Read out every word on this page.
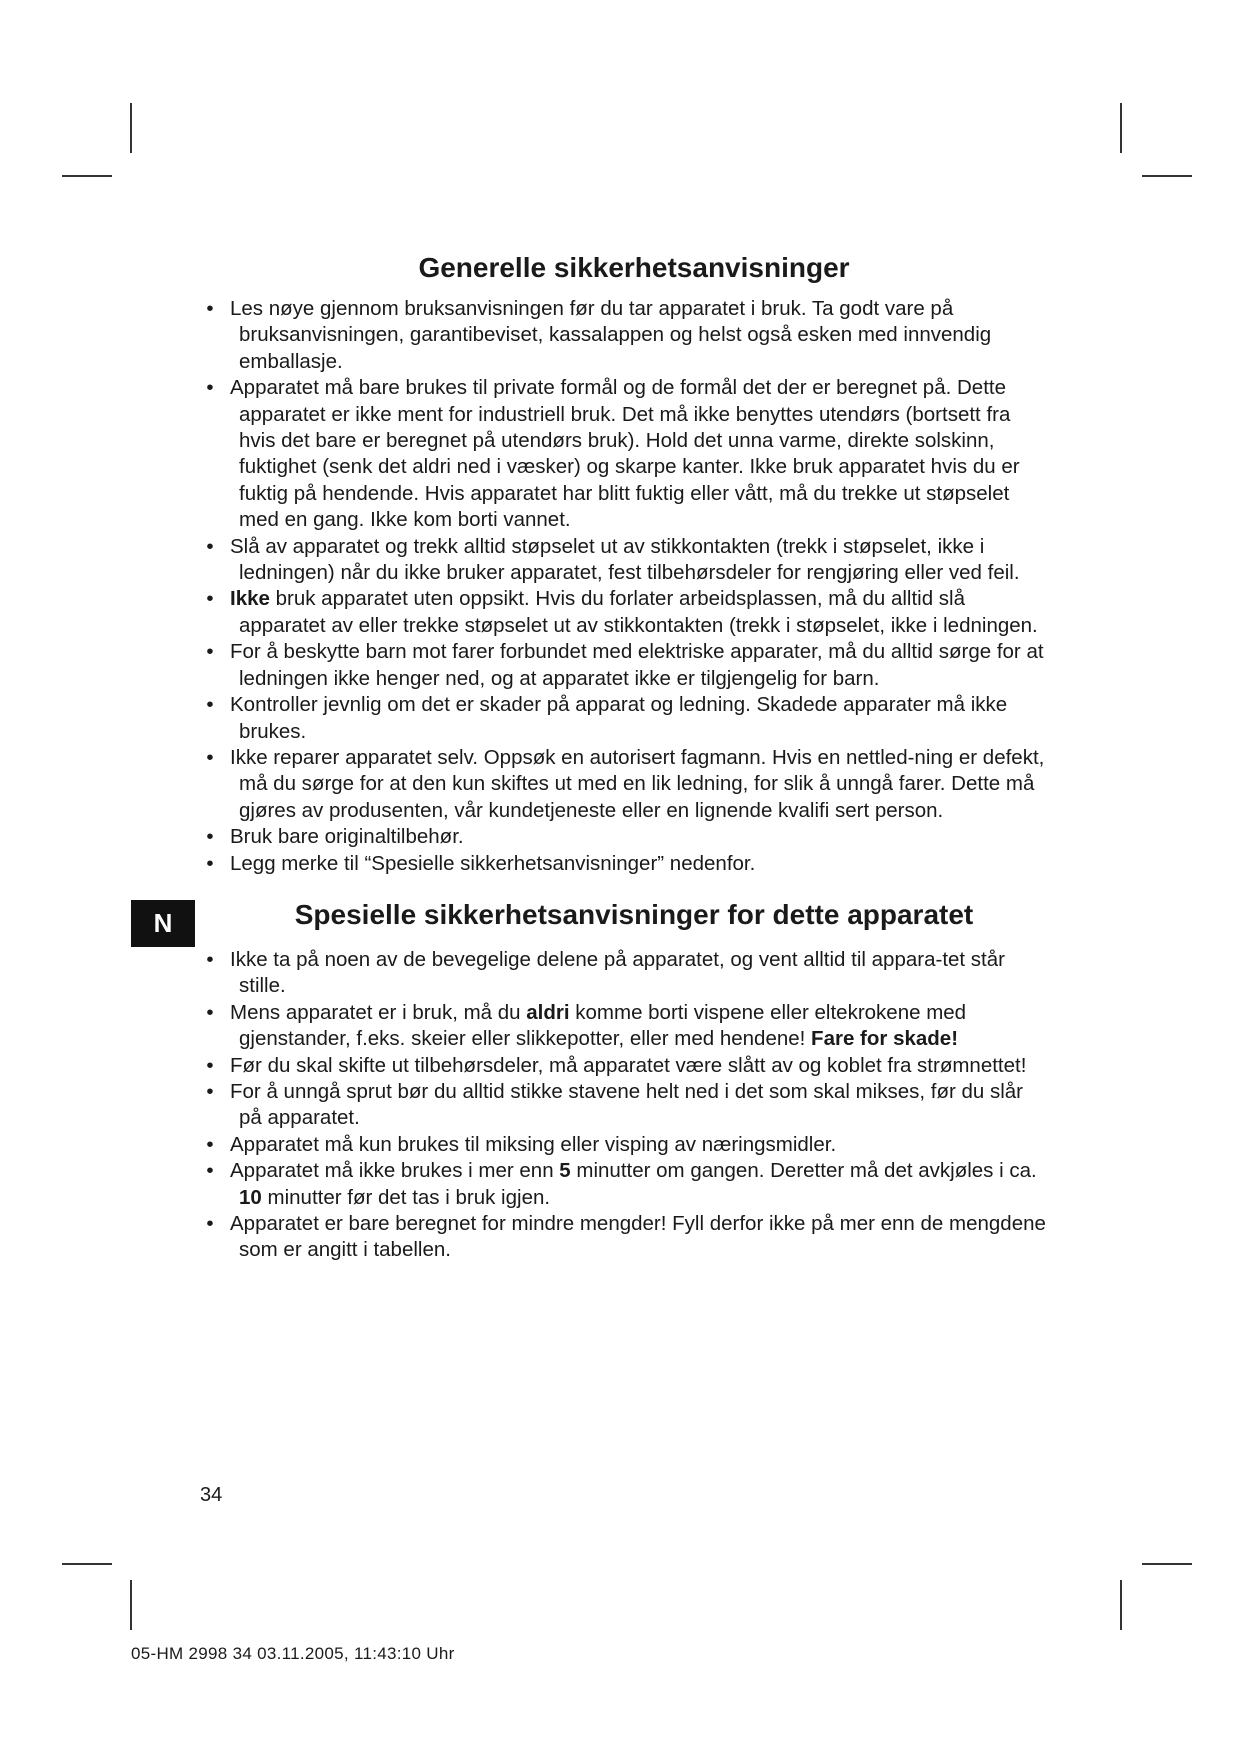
N
Generelle sikkerhetsanvisninger
• Les nøye gjennom bruksanvisningen før du tar apparatet i bruk. Ta godt vare på bruksanvisningen, garantibeviset, kassalappen og helst også esken med innvendig emballasje.
• Apparatet må bare brukes til private formål og de formål det der er beregnet på. Dette apparatet er ikke ment for industriell bruk. Det må ikke benyttes utendørs (bortsett fra hvis det bare er beregnet på utendørs bruk). Hold det unna varme, direkte solskinn, fuktighet (senk det aldri ned i væsker) og skarpe kanter. Ikke bruk apparatet hvis du er fuktig på hendende. Hvis apparatet har blitt fuktig eller vått, må du trekke ut støpselet med en gang. Ikke kom borti vannet.
• Slå av apparatet og trekk alltid støpselet ut av stikkontakten (trekk i støpselet, ikke i ledningen) når du ikke bruker apparatet, fest tilbehørsdeler for rengjøring eller ved feil.
• Ikke bruk apparatet uten oppsikt. Hvis du forlater arbeidsplassen, må du alltid slå apparatet av eller trekke støpselet ut av stikkontakten (trekk i støpselet, ikke i ledningen.
• For å beskytte barn mot farer forbundet med elektriske apparater, må du alltid sørge for at ledningen ikke henger ned, og at apparatet ikke er tilgjengelig for barn.
• Kontroller jevnlig om det er skader på apparat og ledning. Skadede apparater må ikke brukes.
• Ikke reparer apparatet selv. Oppsøk en autorisert fagmann. Hvis en nettled-ning er defekt, må du sørge for at den kun skiftes ut med en lik ledning, for slik å unngå farer. Dette må gjøres av produsenten, vår kundetjeneste eller en lignende kvalifi sert person.
• Bruk bare originaltilbehør.
• Legg merke til “Spesielle sikkerhetsanvisninger” nedenfor.
Spesielle sikkerhetsanvisninger for dette apparatet
• Ikke ta på noen av de bevegelige delene på apparatet, og vent alltid til appara-tet står stille.
• Mens apparatet er i bruk, må du aldri komme borti vispene eller eltekrokene med gjenstander, f.eks. skeier eller slikkepotter, eller med hendene! Fare for skade!
• Før du skal skifte ut tilbehørsdeler, må apparatet være slått av og koblet fra strømnettet!
• For å unngå sprut bør du alltid stikke stavene helt ned i det som skal mikses, før du slår på apparatet.
• Apparatet må kun brukes til miksing eller visping av næringsmidler.
• Apparatet må ikke brukes i mer enn 5 minutter om gangen. Deretter må det avkjøles i ca. 10 minutter før det tas i bruk igjen.
• Apparatet er bare beregnet for mindre mengder! Fyll derfor ikke på mer enn de mengdene som er angitt i tabellen.
34
05-HM 2998 34 03.11.2005, 11:43:10 Uhr
